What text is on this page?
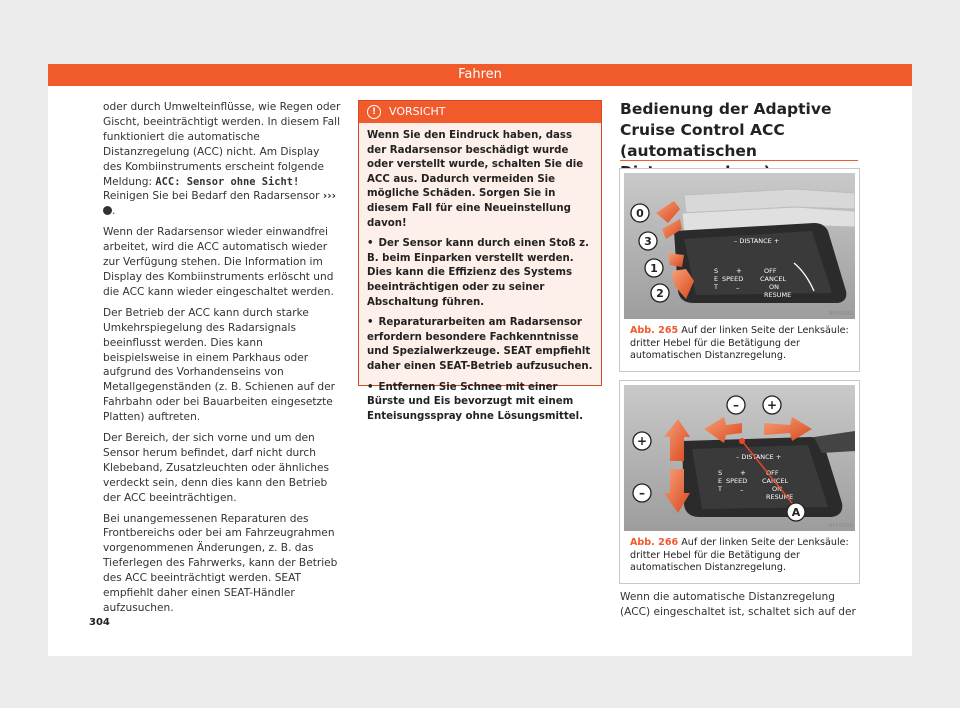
Fahren

oder durch Umwelteinflüsse, wie Regen oder Gischt, beeinträchtigt werden. In diesem Fall funktioniert die automatische Distanzregelung (ACC) nicht. Am Display des Kombiinstruments erscheint folgende Meldung: ACC: Sensor ohne Sicht! Reinigen Sie bei Bedarf den Radarsensor ››› .

Wenn der Radarsensor wieder einwandfrei arbeitet, wird die ACC automatisch wieder zur Verfügung stehen. Die Information im Display des Kombiinstruments erlöscht und die ACC kann wieder eingeschaltet werden.

Der Betrieb der ACC kann durch starke Umkehrspiegelung des Radarsignals beeinflusst werden. Dies kann beispielsweise in einem Parkhaus oder aufgrund des Vorhandenseins von Metallgegenständen (z. B. Schienen auf der Fahrbahn oder bei Bauarbeiten eingesetzte Platten) auftreten.

Der Bereich, der sich vorne und um den Sensor herum befindet, darf nicht durch Klebeband, Zusatzleuchten oder ähnliches verdeckt sein, denn dies kann den Betrieb der ACC beeinträchtigen.

Bei unangemessenen Reparaturen des Frontbereichs oder bei am Fahrzeugrahmen vorgenommenen Änderungen, z. B. das Tieferlegen des Fahrwerks, kann der Betrieb des ACC beeinträchtigt werden. SEAT empfiehlt daher einen SEAT-Händler aufzusuchen.

!	VORSICHT

Wenn Sie den Eindruck haben, dass der Radarsensor beschädigt wurde oder verstellt wurde, schalten Sie die ACC aus. Dadurch vermeiden Sie mögliche Schäden. Sorgen Sie in diesem Fall für eine Neueinstellung davon!

• Der Sensor kann durch einen Stoß z. B. beim Einparken verstellt werden. Dies kann die Effizienz des Systems beeinträchtigen oder zu seiner Abschaltung führen.
• Reparaturarbeiten am Radarsensor erfordern besondere Fachkenntnisse und Spezialwerkzeuge. SEAT empfiehlt daher einen SEAT-Betrieb aufzusuchen.
• Entfernen Sie Schnee mit einer Bürste und Eis bevorzugt mit einem Enteisungsspray ohne Lösungsmittel.
Bedienung der Adaptive Cruise Control ACC (automatischen
– DISTANCE +
S
E
T
SPEED
+
–
OFF
CANCEL
ON
RESUME
0
3
1
2
BFJ-0040
Abb. 265 Auf der linken Seite der Lenksäule: dritter Hebel für die Betätigung der automatischen Distanzregelung.
– DISTANCE +
S
E
T
SPEED
+
–
OFF
CANCEL
ON
RESUME
– +
+
–
A
BFJ-0039
Abb. 266 Auf der linken Seite der Lenksäule: dritter Hebel für die Betätigung der automatischen Distanzregelung.
Wenn die automatische Distanzregelung (ACC) eingeschaltet ist, schaltet sich auf der
304
